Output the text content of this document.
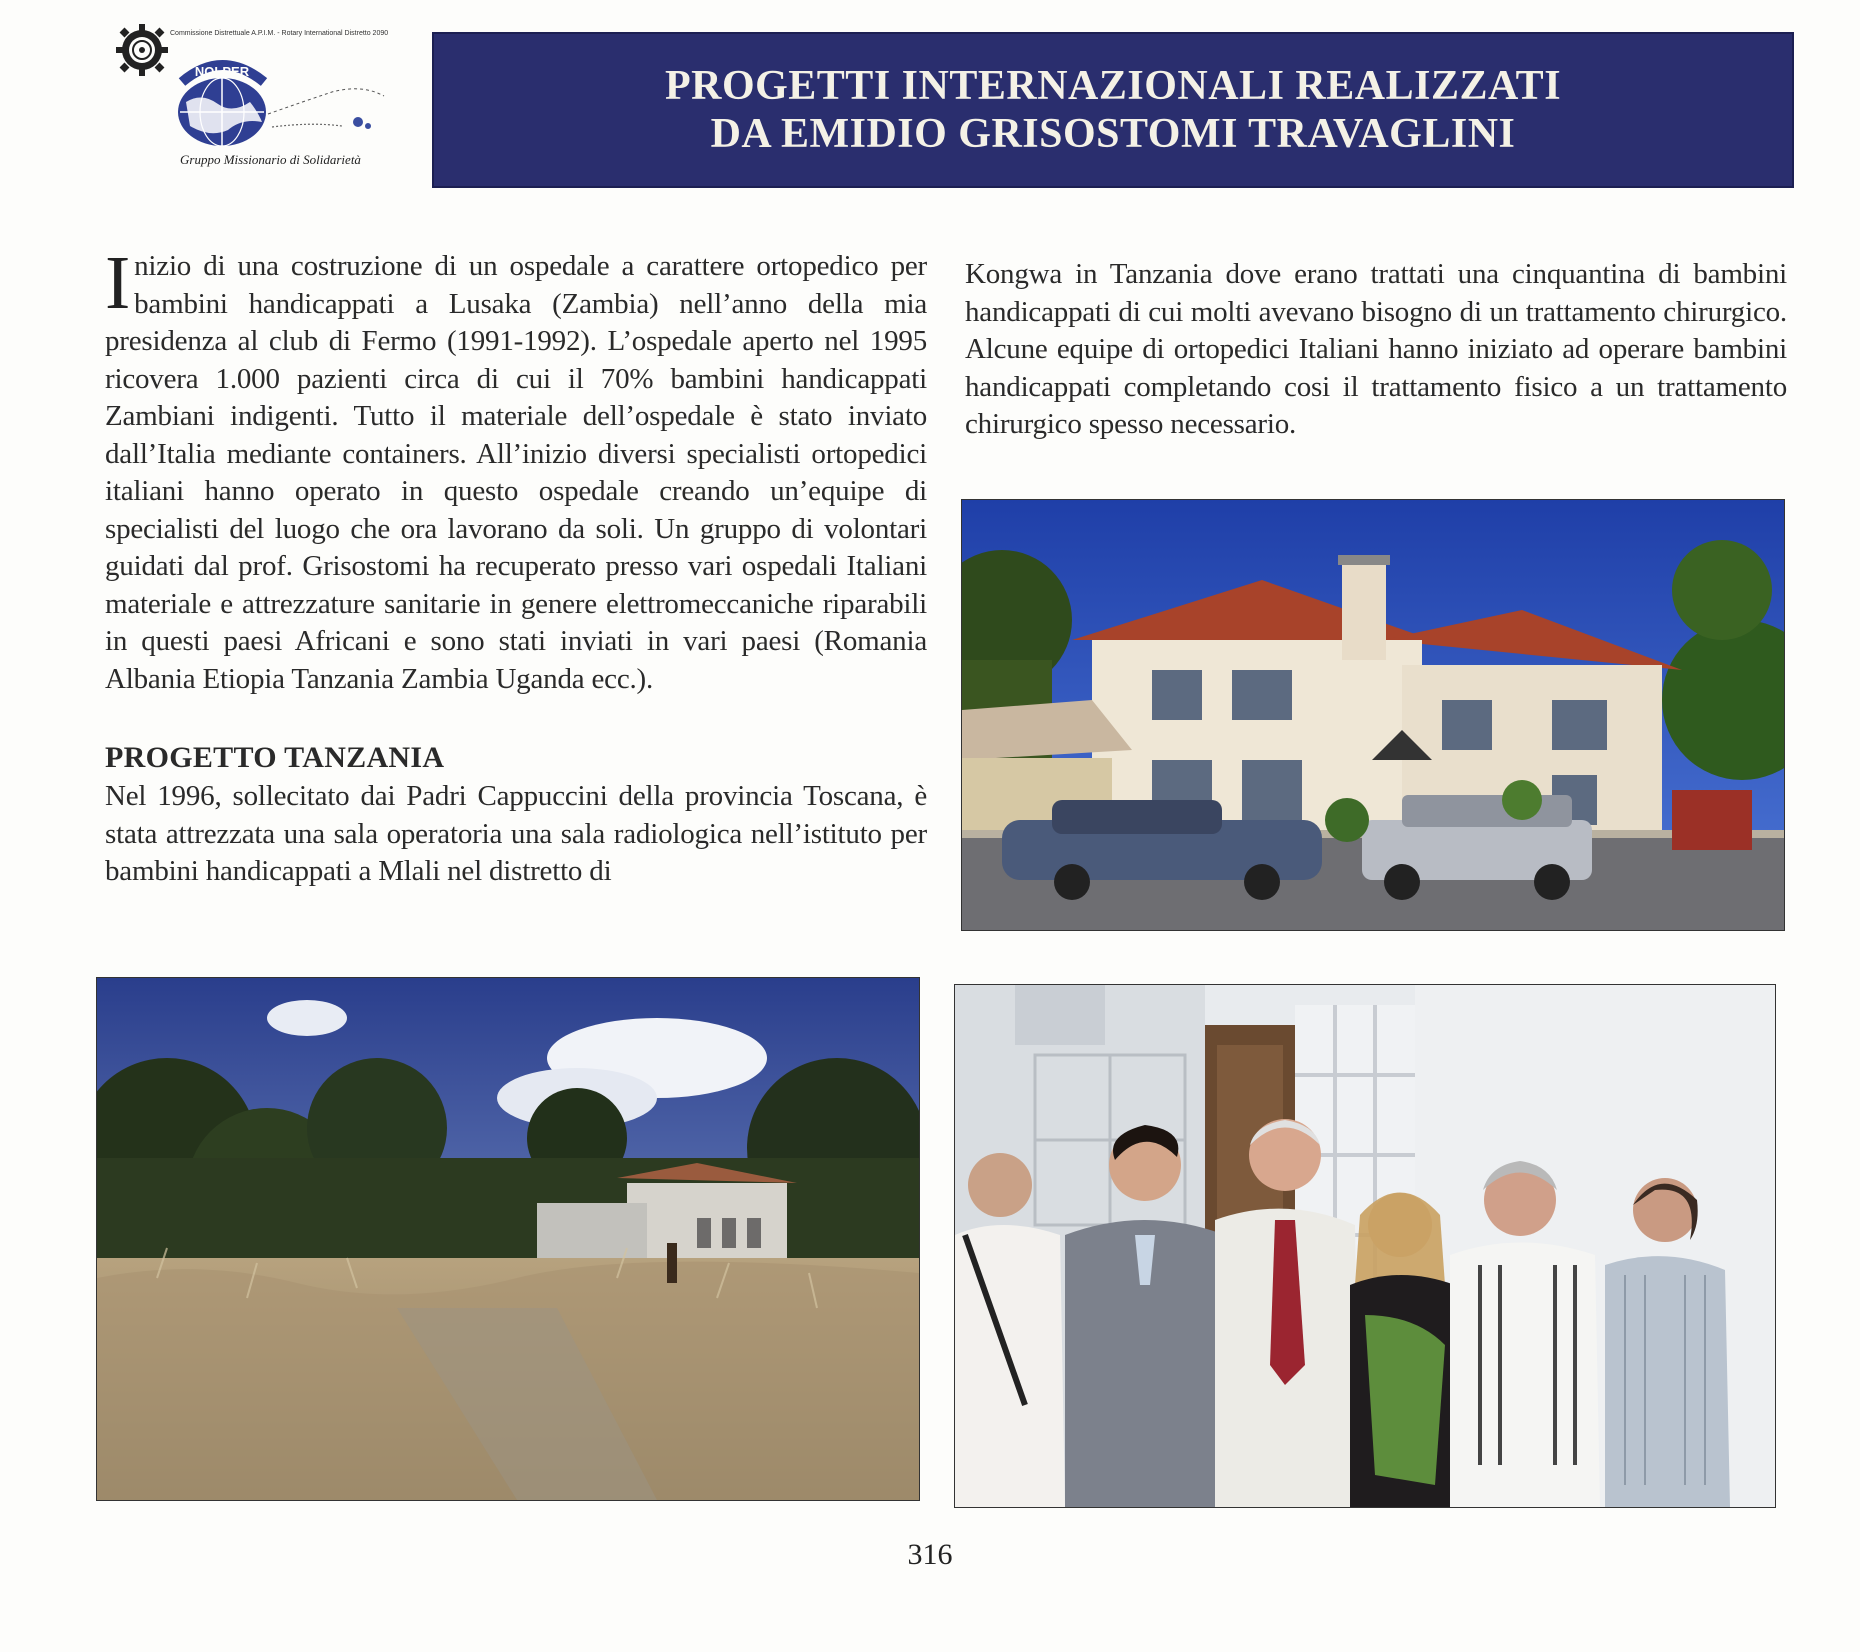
Commissione Distrettuale A.P.I.M. - Rotary International Distretto 2090
NOLPER
Gruppo Missionario di Solidarietà
PROGETTI INTERNAZIONALI REALIZZATI
DA EMIDIO GRISOSTOMI TRAVAGLINI

Inizio di una costruzione di un ospedale a carattere ortopedico per bambini handicappati a Lusaka (Zambia) nell’anno della mia presidenza al club di Fermo (1991-1992). L’ospedale aperto nel 1995 ricovera 1.000 pazienti circa di cui il 70% bambini handicappati Zambiani indigenti. Tutto il materiale dell’ospedale è stato inviato dall’Italia mediante containers. All’inizio diversi specialisti ortopedici italiani hanno operato in questo ospedale creando un’equipe di specialisti del luogo che ora lavorano da soli. Un gruppo di volontari guidati dal prof. Grisostomi ha recuperato presso vari ospedali Italiani materiale e attrezzature sanitarie in genere elettromeccaniche riparabili in questi paesi Africani e sono stati inviati in vari paesi (Romania Albania Etiopia Tanzania Zambia Uganda ecc.).

PROGETTO TANZANIA

Nel 1996, sollecitato dai Padri Cappuccini della provincia Toscana, è stata attrezzata una sala operatoria una sala radiologica nell’istituto per bambini handicappati a Mlali nel distretto di

Kongwa in Tanzania dove erano trattati una cinquantina di bambini handicappati di cui molti avevano bisogno di un trattamento chirurgico. Alcune equipe di ortopedici Italiani hanno iniziato ad operare bambini handicappati completando cosi il trattamento fisico a un trattamento chirurgico spesso necessario.

316
